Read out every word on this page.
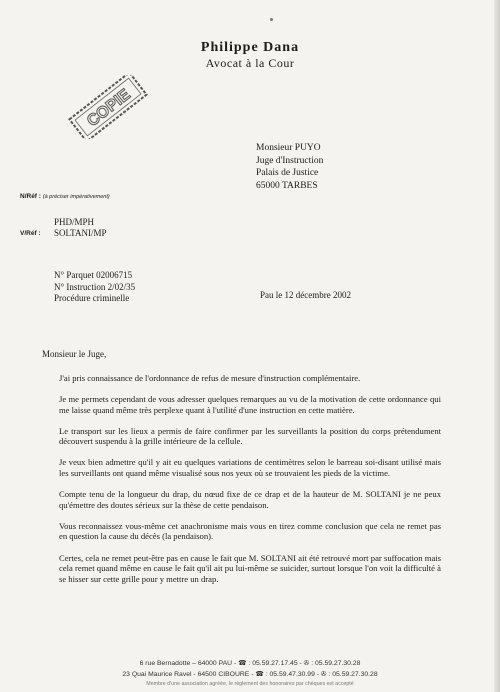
Philippe Dana
Avocat à la Cour
COPIE
Monsieur PUYO
Juge d'Instruction
Palais de Justice
65000 TARBES
N/Réf : (à préciser impérativement)
V/Réf :
PHD/MPH
SOLTANI/MP
N° Parquet 02006715
N° Instruction 2/02/35
Procédure criminelle	Pau le 12 décembre 2002
Monsieur le Juge,

J'ai pris connaissance de l'ordonnance de refus de mesure d'instruction complémentaire.

Je me permets cependant de vous adresser quelques remarques au vu de la motivation de cette ordonnance qui me laisse quand même très perplexe quant à l'utilité d'une instruction en cette matière.

Le transport sur les lieux a permis de faire confirmer par les surveillants la position du corps prétendument découvert suspendu à la grille intérieure de la cellule.

Je veux bien admettre qu'il y ait eu quelques variations de centimètres selon le barreau soi-disant utilisé mais les surveillants ont quand même visualisé sous nos yeux où se trouvaient les pieds de la victime.

Compte tenu de la longueur du drap, du nœud fixe de ce drap et de la hauteur de M. SOLTANI je ne peux qu'émettre des doutes sérieux sur la thèse de cette pendaison.

Vous reconnaissez vous-même cet anachronisme mais vous en tirez comme conclusion que cela ne remet pas en question la cause du décès (la pendaison).

Certes, cela ne remet peut-être pas en cause le fait que M. SOLTANI ait été retrouvé mort par suffocation mais cela remet quand même en cause le fait qu'il ait pu lui-même se suicider, surtout lorsque l'on voit la difficulté à se hisser sur cette grille pour y mettre un drap.

6 rue Bernadotte – 64000 PAU - ☎ : 05.59.27.17.45 - ✇ : 05.59.27.30.28
23 Quai Maurice Ravel - 64500 CIBOURE - ☎ : 05.59.47.30.99 - ✇ : 05.59.27.30.28
Membre d'une association agréée, le règlement des honoraires par chèques est accepté
